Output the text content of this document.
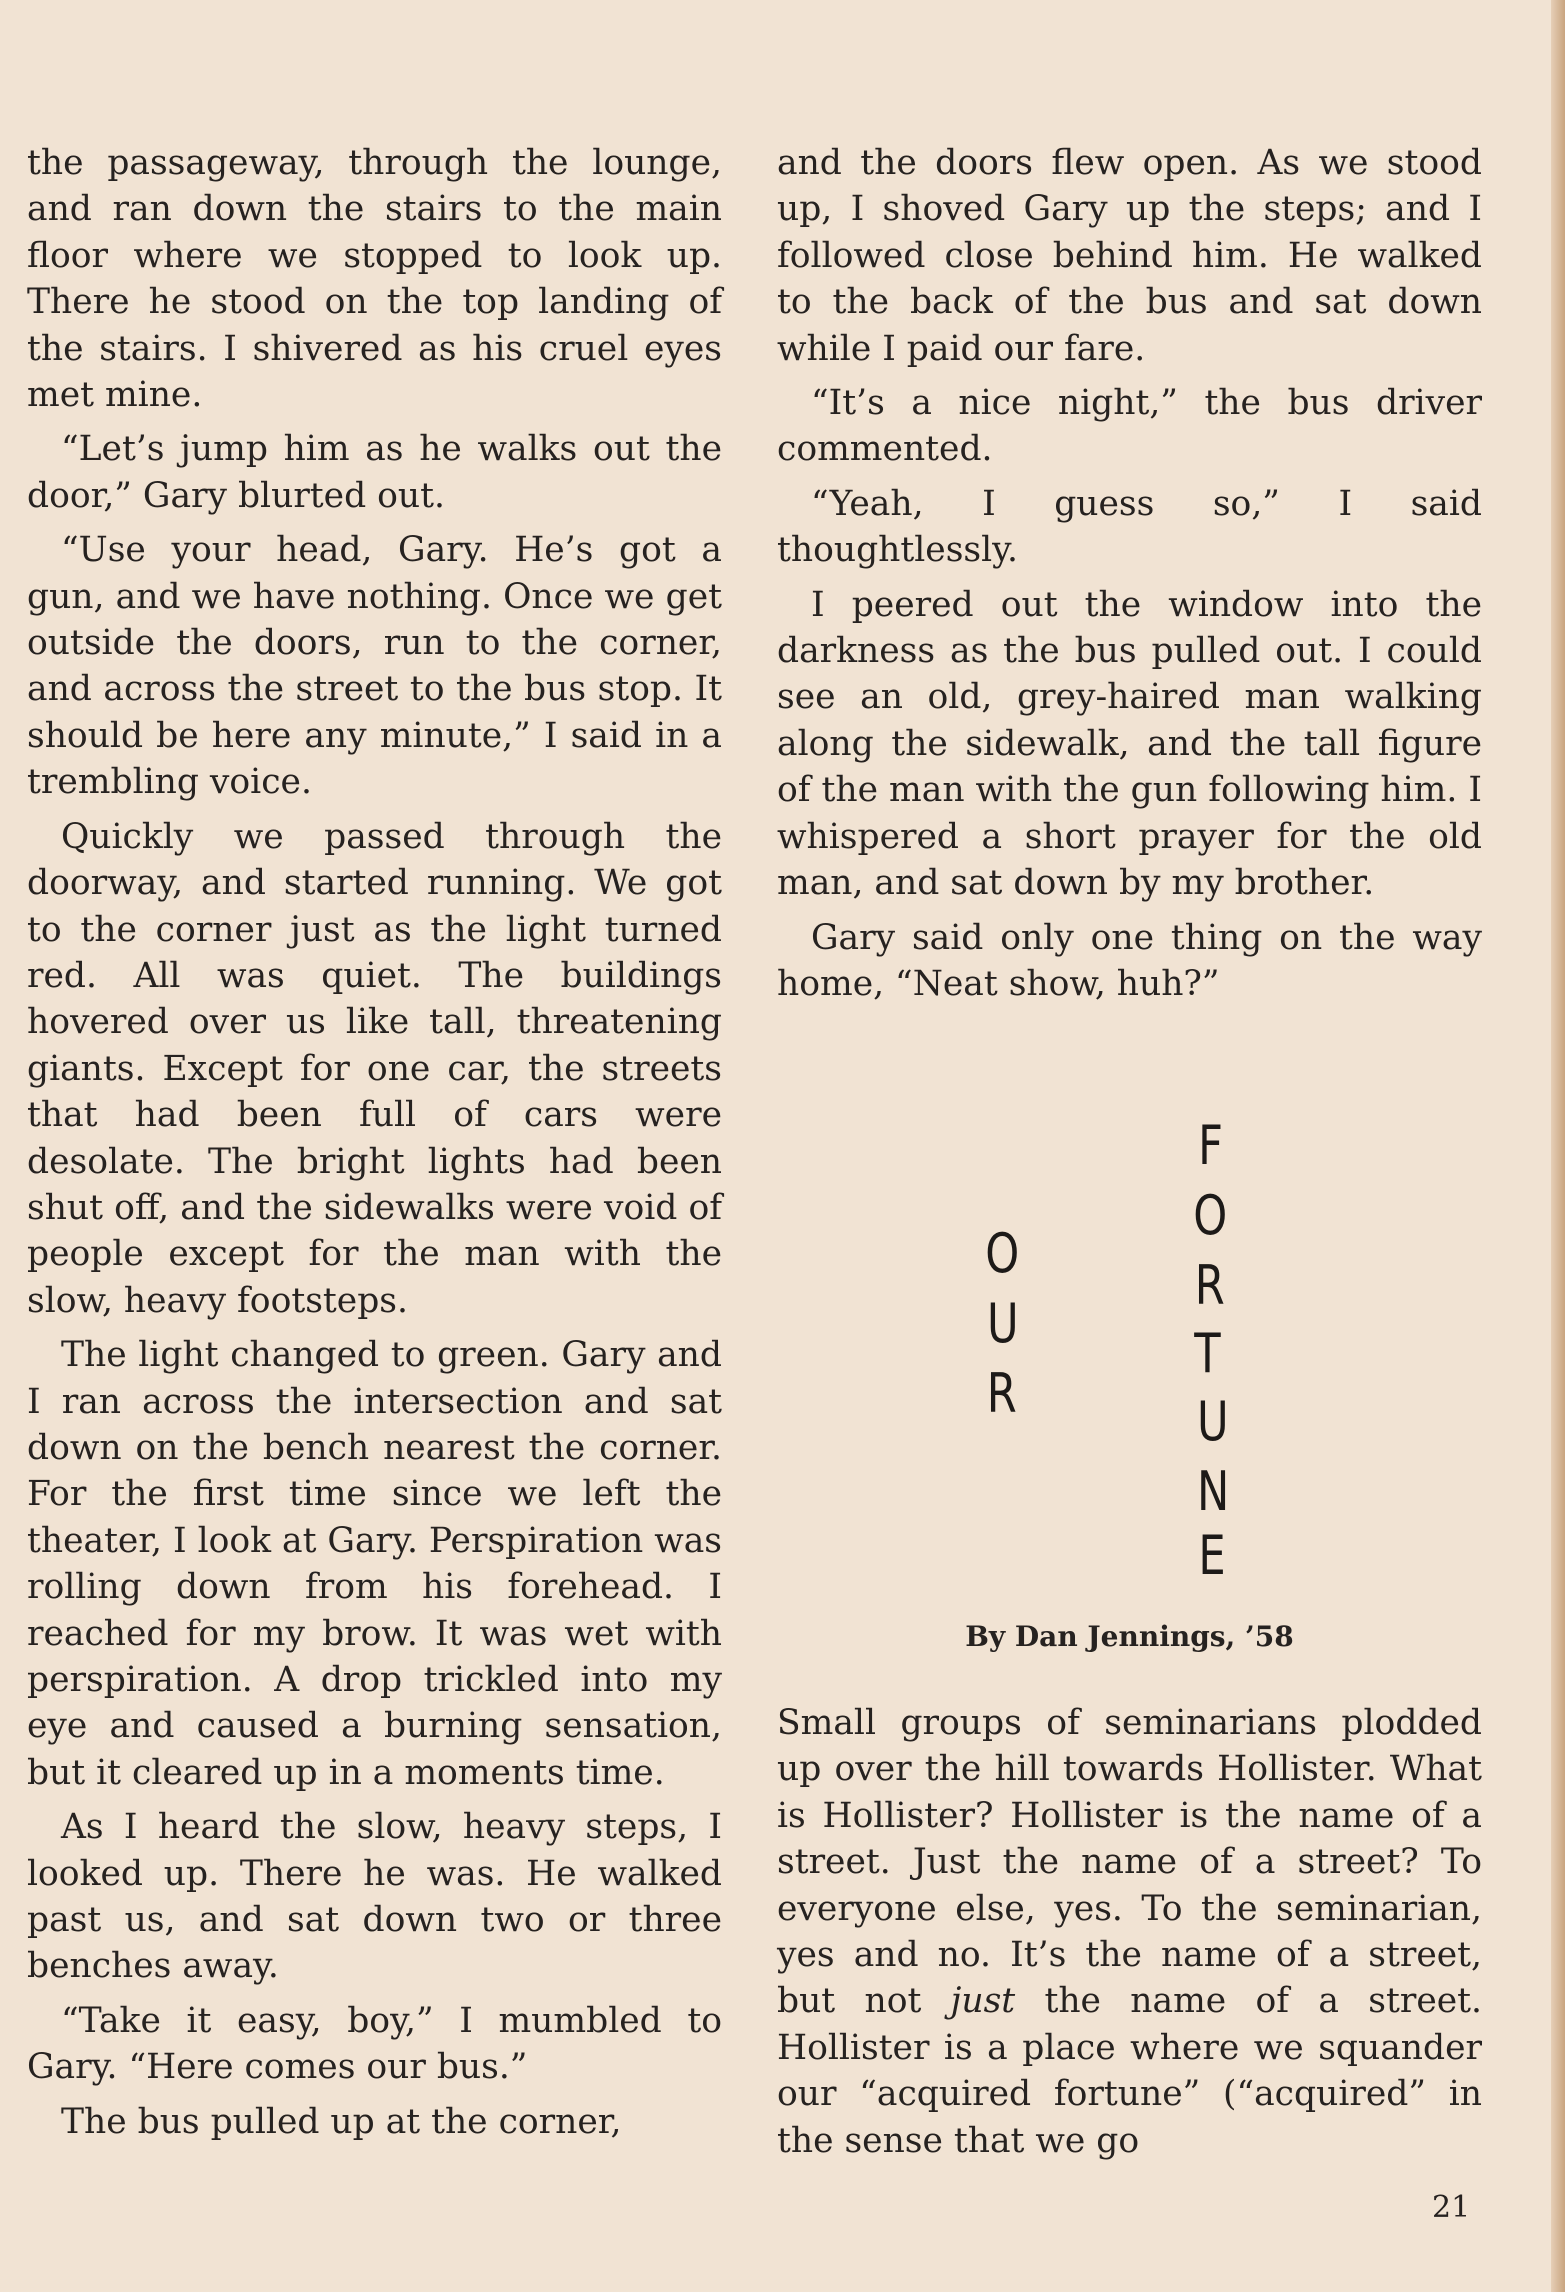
the passageway, through the lounge, and ran down the stairs to the main floor where we stopped to look up. There he stood on the top landing of the stairs. I shivered as his cruel eyes met mine.

“Let’s jump him as he walks out the door,” Gary blurted out.

“Use your head, Gary. He’s got a gun, and we have nothing. Once we get outside the doors, run to the corner, and across the street to the bus stop. It should be here any minute,” I said in a trembling voice.

Quickly we passed through the doorway, and started running. We got to the corner just as the light turned red. All was quiet. The buildings hovered over us like tall, threatening giants. Except for one car, the streets that had been full of cars were desolate. The bright lights had been shut off, and the sidewalks were void of people except for the man with the slow, heavy footsteps.

The light changed to green. Gary and I ran across the intersection and sat down on the bench nearest the corner. For the first time since we left the theater, I look at Gary. Perspiration was rolling down from his forehead. I reached for my brow. It was wet with perspiration. A drop trickled into my eye and caused a burning sensation, but it cleared up in a moments time.

As I heard the slow, heavy steps, I looked up. There he was. He walked past us, and sat down two or three benches away.

“Take it easy, boy,” I mumbled to Gary. “Here comes our bus.”

The bus pulled up at the corner,

and the doors flew open. As we stood up, I shoved Gary up the steps; and I followed close behind him. He walked to the back of the bus and sat down while I paid our fare.

“It’s a nice night,” the bus driver commented.

“Yeah, I guess so,” I said thoughtlessly.

I peered out the window into the darkness as the bus pulled out. I could see an old, grey-haired man walking along the sidewalk, and the tall figure of the man with the gun following him. I whispered a short prayer for the old man, and sat down by my brother.

Gary said only one thing on the way home, “Neat show, huh?”

O
U
R
F
O
R
T
U
N
E
By Dan Jennings, ’58

Small groups of seminarians plodded up over the hill towards Hollister. What is Hollister? Hollister is the name of a street. Just the name of a street? To everyone else, yes. To the seminarian, yes and no. It’s the name of a street, but not just the name of a street. Hollister is a place where we squander our “acquired fortune” (“acquired” in the sense that we go

21
